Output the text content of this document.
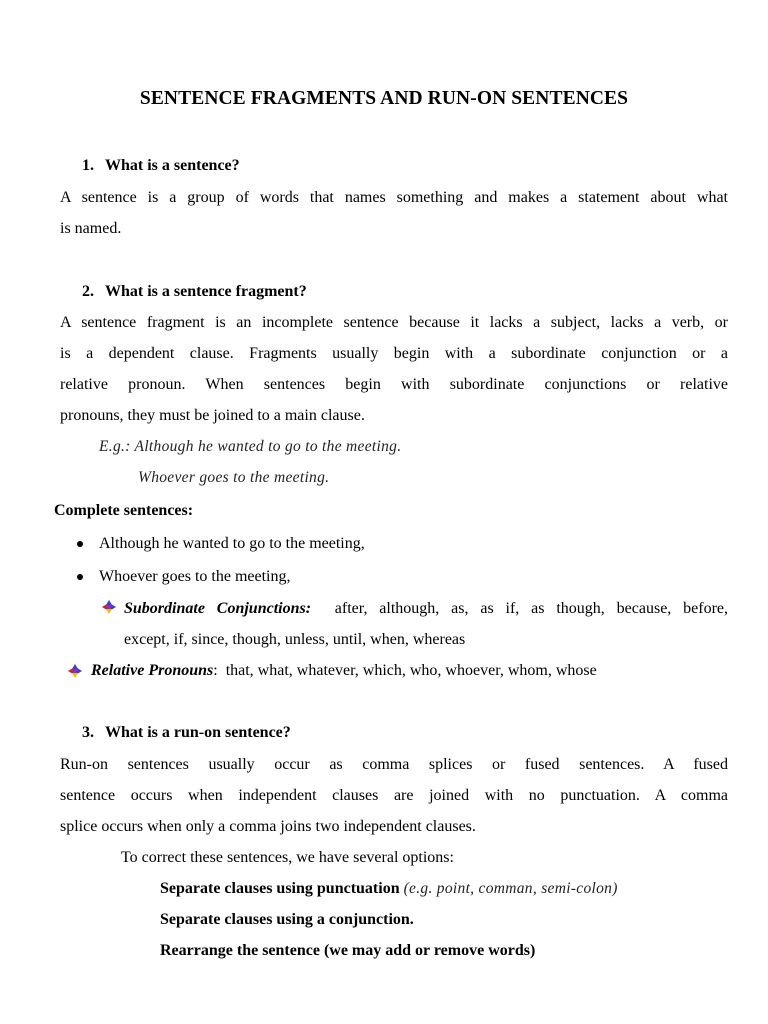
SENTENCE FRAGMENTS AND RUN-ON SENTENCES
1. What is a sentence?
A sentence is a group of words that names something and makes a statement about what
is named.
2. What is a sentence fragment?
A sentence fragment is an incomplete sentence because it lacks a subject, lacks a verb, or
is a dependent clause. Fragments usually begin with a subordinate conjunction or a
relative pronoun. When sentences begin with subordinate conjunctions or relative
pronouns, they must be joined to a main clause.
E.g.: Although he wanted to go to the meeting.
Whoever goes to the meeting.
Complete sentences:
Although he wanted to go to the meeting,
Whoever goes to the meeting,
Subordinate Conjunctions: after, although, as, as if, as though, because, before,
except, if, since, though, unless, until, when, whereas
Relative Pronouns: that, what, whatever, which, who, whoever, whom, whose
3. What is a run-on sentence?
Run-on sentences usually occur as comma splices or fused sentences. A fused
sentence occurs when independent clauses are joined with no punctuation. A comma
splice occurs when only a comma joins two independent clauses.
To correct these sentences, we have several options:
Separate clauses using punctuation (e.g. point, comman, semi-colon)
Separate clauses using a conjunction.
Rearrange the sentence (we may add or remove words)
